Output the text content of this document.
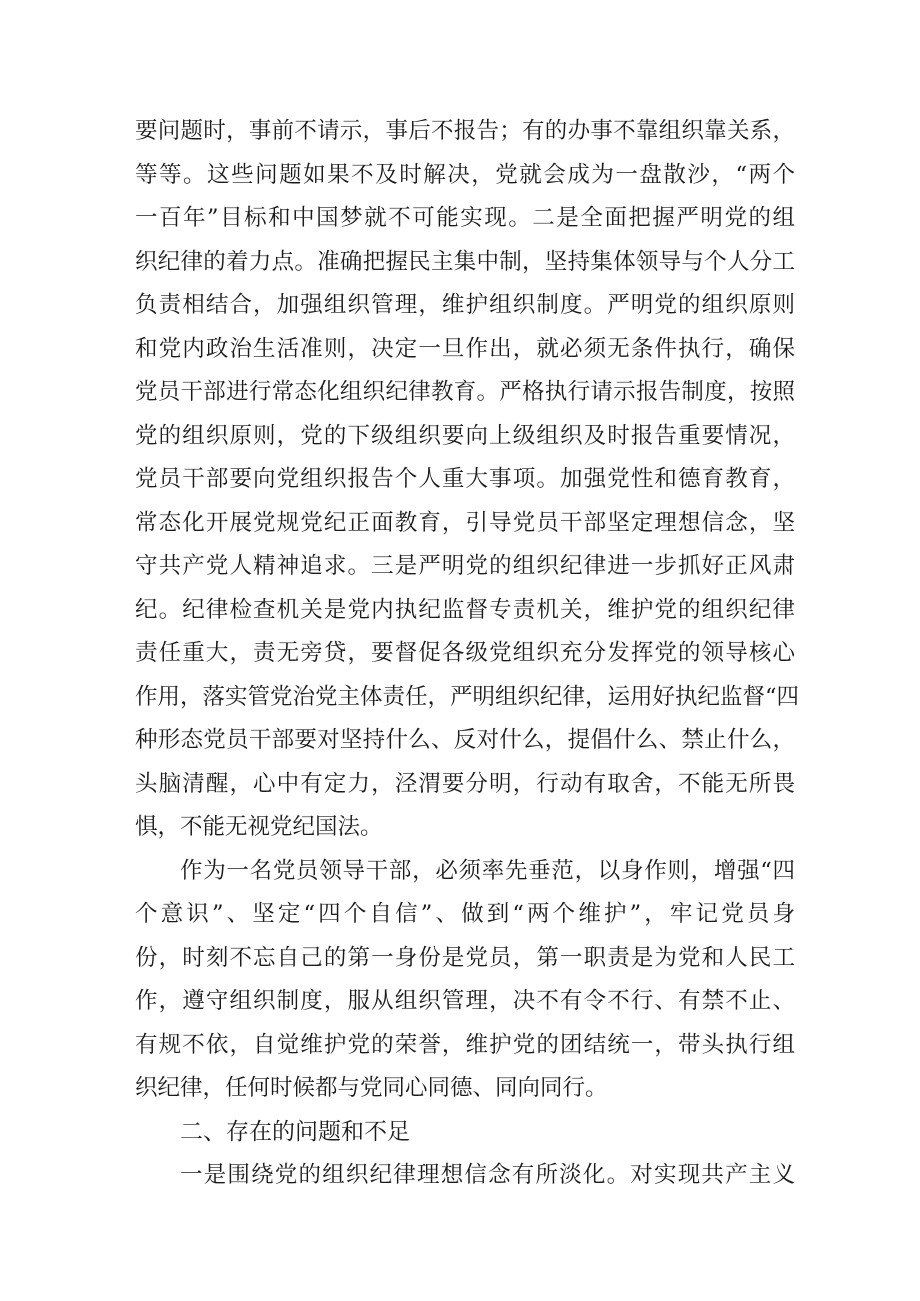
要问题时，事前不请示，事后不报告；有的办事不靠组织靠关系，
等等。这些问题如果不及时解决，党就会成为一盘散沙，“两个
一百年”目标和中国梦就不可能实现。二是全面把握严明党的组
织纪律的着力点。准确把握民主集中制，坚持集体领导与个人分工
负责相结合，加强组织管理，维护组织制度。严明党的组织原则
和党内政治生活准则，决定一旦作出，就必须无条件执行，确保
党员干部进行常态化组织纪律教育。严格执行请示报告制度，按照
党的组织原则，党的下级组织要向上级组织及时报告重要情况，
党员干部要向党组织报告个人重大事项。加强党性和德育教育，
常态化开展党规党纪正面教育，引导党员干部坚定理想信念，坚
守共产党人精神追求。三是严明党的组织纪律进一步抓好正风肃
纪。纪律检查机关是党内执纪监督专责机关，维护党的组织纪律
责任重大，责无旁贷，要督促各级党组织充分发挥党的领导核心
作用，落实管党治党主体责任，严明组织纪律，运用好执纪监督“四
种形态党员干部要对坚持什么、反对什么，提倡什么、禁止什么，
头脑清醒，心中有定力，泾渭要分明，行动有取舍，不能无所畏
惧，不能无视党纪国法。
作为一名党员领导干部，必须率先垂范，以身作则，增强“四
个意识”、坚定“四个自信”、做到“两个维护”，牢记党员身
份，时刻不忘自己的第一身份是党员，第一职责是为党和人民工
作，遵守组织制度，服从组织管理，决不有令不行、有禁不止、
有规不依，自觉维护党的荣誉，维护党的团结统一，带头执行组
织纪律，任何时候都与党同心同德、同向同行。
二、存在的问题和不足
一是围绕党的组织纪律理想信念有所淡化。对实现共产主义
